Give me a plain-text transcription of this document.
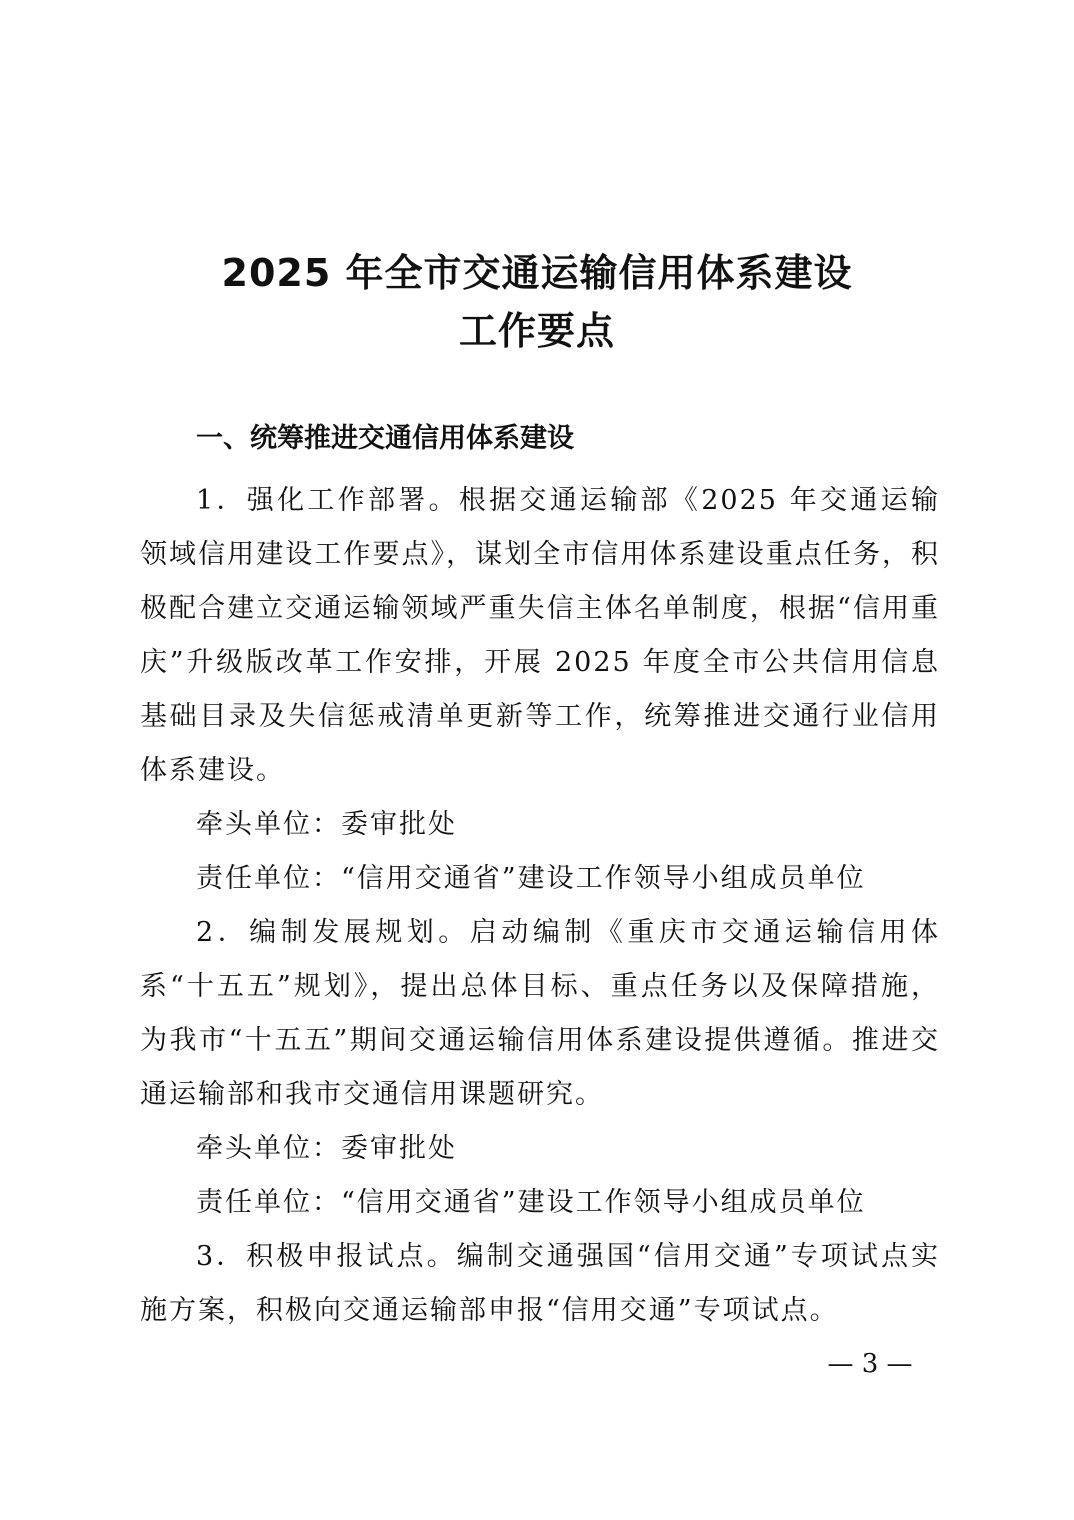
2025 年全市交通运输信用体系建设
工作要点
一、统筹推进交通信用体系建设

1．强化工作部署。根据交通运输部《2025 年交通运输领域信用建设工作要点》，谋划全市信用体系建设重点任务，积极配合建立交通运输领域严重失信主体名单制度，根据“信用重庆”升级版改革工作安排，开展 2025 年度全市公共信用信息基础目录及失信惩戒清单更新等工作，统筹推进交通行业信用体系建设。

牵头单位：委审批处

责任单位：“信用交通省”建设工作领导小组成员单位

2．编制发展规划。启动编制《重庆市交通运输信用体系“十五五”规划》，提出总体目标、重点任务以及保障措施，为我市“十五五”期间交通运输信用体系建设提供遵循。推进交通运输部和我市交通信用课题研究。

牵头单位：委审批处

责任单位：“信用交通省”建设工作领导小组成员单位

3．积极申报试点。编制交通强国“信用交通”专项试点实施方案，积极向交通运输部申报“信用交通”专项试点。

— 3 —
